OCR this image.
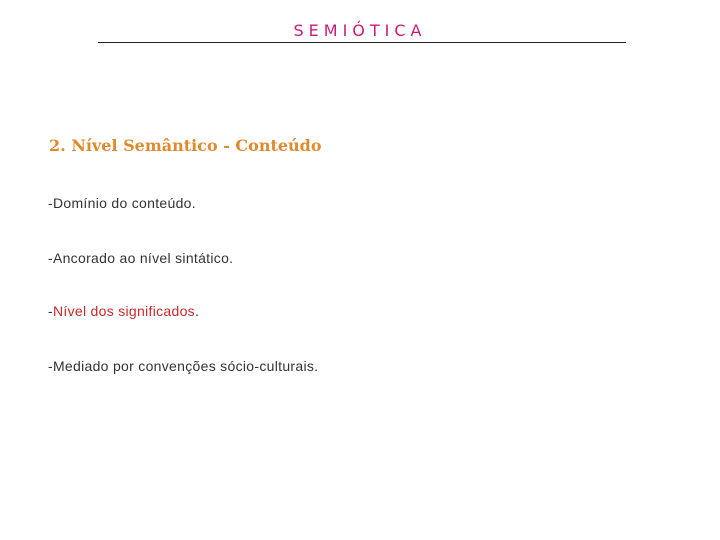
SEMIÓTICA
2. Nível Semântico - Conteúdo
-Domínio do conteúdo.
-Ancorado ao nível sintático.
-Nível dos significados.
-Mediado por convenções sócio-culturais.
